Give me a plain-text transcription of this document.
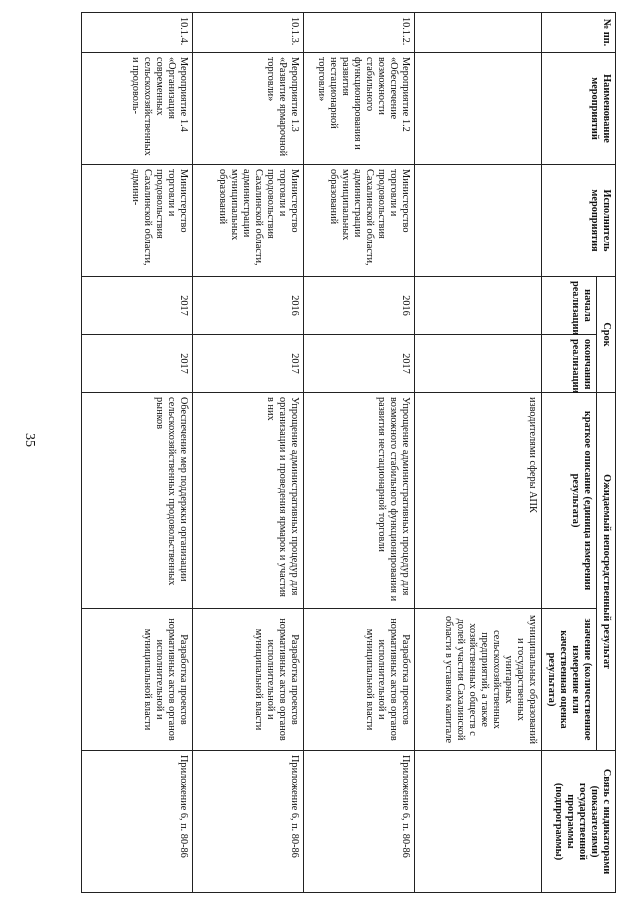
35
№ пп.	Наименование мероприятий	Исполнитель мероприятия	Срок		Ожидаемый непосредственный результат		Связь с индикаторами (показателями) государственной программы (подпрограммы)
			начала реализации	окончания реализации	краткое описание (единица измерения результата)	значение (количественное измерение или качественная оценка результата)	
					изводителями сферы АПК	муниципальных образований и государственных унитарных сельскохозяйственных предприятий, а также хозяйственных обществ с долей участия Сахалинской области в уставном капитале	
10.1.2.	Мероприятие 1.2 «Обеспечение возможности стабильного функционирования и развития нестационарной торговли»	Министерство торговли и продовольствия Сахалинской области, администрации муниципальных образований	2016	2017	Упрощение административных процедур для возможного стабильного функционирования и развития нестационарной торговли	Разработка проектов нормативных актов органов исполнительной и муниципальной власти	Приложение 6, п. 80-86
10.1.3.	Мероприятие 1.3 «Развитие ярмарочной торговли»	Министерство торговли и продовольствия Сахалинской области, администрации муниципальных образований	2016	2017	Упрощение административных процедур для организации и проведения ярмарок и участия в них	Разработка проектов нормативных актов органов исполнительной и муниципальной власти	Приложение 6, п. 80-86
10.1.4.	Мероприятие 1.4 «Организация современных сельскохозяйственных и продоволь-	Министерство торговли и продовольствия Сахалинской области, админи-	2017	2017	Обеспечение мер поддержки организации сельскохозяйственных продовольственных рынков	Разработка проектов нормативных актов органов исполнительной и муниципальной власти	Приложение 6, п. 80-86
